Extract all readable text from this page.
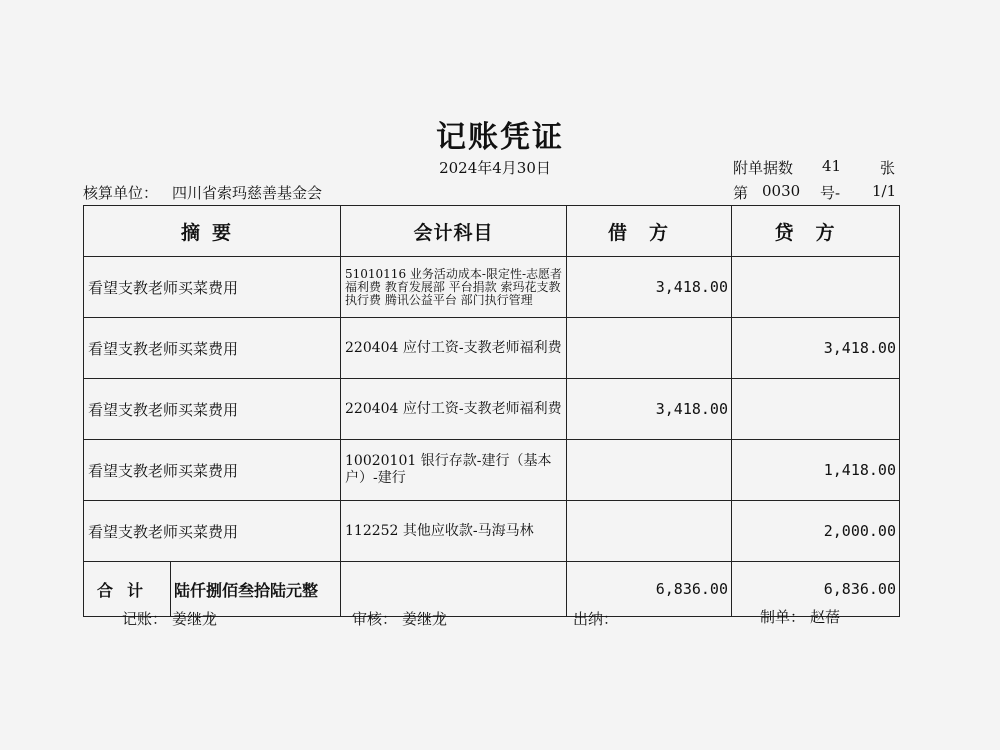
记账凭证
2024年4月30日	附单据数 41	张
核算单位： 四川省索玛慈善基金会	第 0030 号- 1/1
摘要	会计科目	借方	贷方
看望支教老师买菜费用	51010116 业务活动成本-限定性-志愿者福利费 教育发展部 平台捐款 索玛花支教 执行费 腾讯公益平台 部门执行管理	3,418.00	
看望支教老师买菜费用	220404 应付工资-支教老师福利费		3,418.00
看望支教老师买菜费用	220404 应付工资-支教老师福利费	3,418.00	
看望支教老师买菜费用	10020101 银行存款-建行（基本户）-建行		1,418.00
看望支教老师买菜费用	112252 其他应收款-马海马林		2,000.00

合计 陆仟捌佰叁拾陆元整		6,836.00	6,836.00
记账： 姜继龙	审核： 姜继龙	出纳：	制单： 赵蓓
